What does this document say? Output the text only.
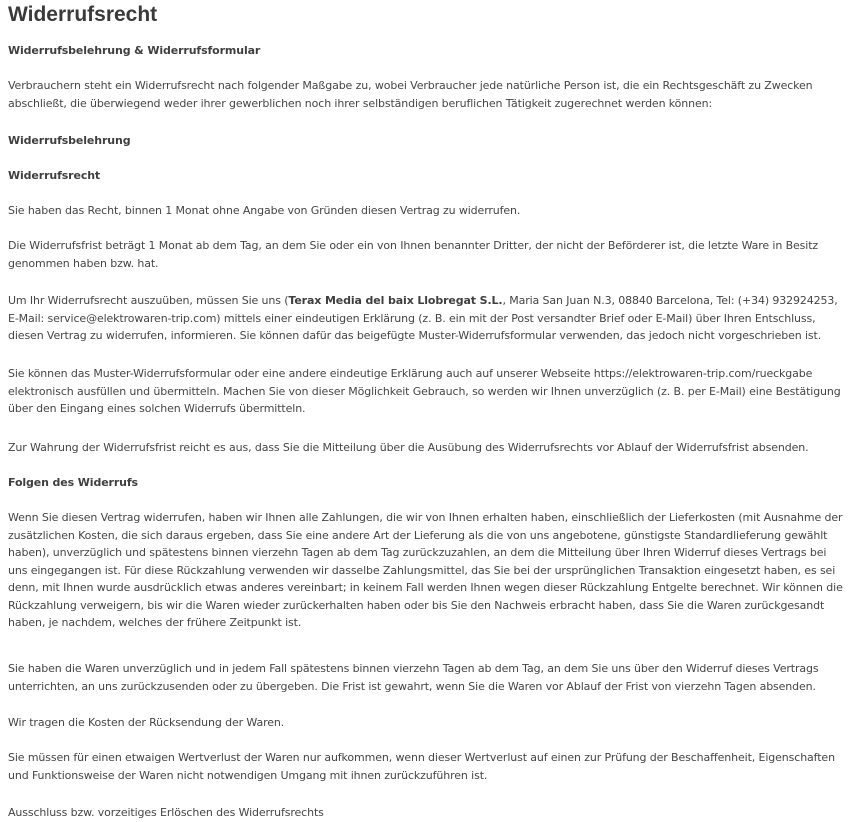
Widerrufsrecht

Widerrufsbelehrung & Widerrufsformular

Verbrauchern steht ein Widerrufsrecht nach folgender Maßgabe zu, wobei Verbraucher jede natürliche Person ist, die ein Rechtsgeschäft zu Zwecken abschließt, die überwiegend weder ihrer gewerblichen noch ihrer selbständigen beruflichen Tätigkeit zugerechnet werden können:

Widerrufsbelehrung

Widerrufsrecht

Sie haben das Recht, binnen 1 Monat ohne Angabe von Gründen diesen Vertrag zu widerrufen.

Die Widerrufsfrist beträgt 1 Monat ab dem Tag, an dem Sie oder ein von Ihnen benannter Dritter, der nicht der Beförderer ist, die letzte Ware in Besitz genommen haben bzw. hat.

Um Ihr Widerrufsrecht auszuüben, müssen Sie uns (Terax Media del baix Llobregat S.L., Maria San Juan N.3, 08840 Barcelona, Tel: (+34) 932924253, E-Mail: service@elektrowaren-trip.com) mittels einer eindeutigen Erklärung (z. B. ein mit der Post versandter Brief oder E-Mail) über Ihren Entschluss, diesen Vertrag zu widerrufen, informieren. Sie können dafür das beigefügte Muster-Widerrufsformular verwenden, das jedoch nicht vorgeschrieben ist.

Sie können das Muster-Widerrufsformular oder eine andere eindeutige Erklärung auch auf unserer Webseite https://elektrowaren-trip.com/rueckgabe elektronisch ausfüllen und übermitteln. Machen Sie von dieser Möglichkeit Gebrauch, so werden wir Ihnen unverzüglich (z. B. per E-Mail) eine Bestätigung über den Eingang eines solchen Widerrufs übermitteln.

Zur Wahrung der Widerrufsfrist reicht es aus, dass Sie die Mitteilung über die Ausübung des Widerrufsrechts vor Ablauf der Widerrufsfrist absenden.

Folgen des Widerrufs

Wenn Sie diesen Vertrag widerrufen, haben wir Ihnen alle Zahlungen, die wir von Ihnen erhalten haben, einschließlich der Lieferkosten (mit Ausnahme der zusätzlichen Kosten, die sich daraus ergeben, dass Sie eine andere Art der Lieferung als die von uns angebotene, günstigste Standardlieferung gewählt haben), unverzüglich und spätestens binnen vierzehn Tagen ab dem Tag zurückzuzahlen, an dem die Mitteilung über Ihren Widerruf dieses Vertrags bei uns eingegangen ist. Für diese Rückzahlung verwenden wir dasselbe Zahlungsmittel, das Sie bei der ursprünglichen Transaktion eingesetzt haben, es sei denn, mit Ihnen wurde ausdrücklich etwas anderes vereinbart; in keinem Fall werden Ihnen wegen dieser Rückzahlung Entgelte berechnet. Wir können die Rückzahlung verweigern, bis wir die Waren wieder zurückerhalten haben oder bis Sie den Nachweis erbracht haben, dass Sie die Waren zurückgesandt haben, je nachdem, welches der frühere Zeitpunkt ist.

Sie haben die Waren unverzüglich und in jedem Fall spätestens binnen vierzehn Tagen ab dem Tag, an dem Sie uns über den Widerruf dieses Vertrags unterrichten, an uns zurückzusenden oder zu übergeben. Die Frist ist gewahrt, wenn Sie die Waren vor Ablauf der Frist von vierzehn Tagen absenden.

Wir tragen die Kosten der Rücksendung der Waren.

Sie müssen für einen etwaigen Wertverlust der Waren nur aufkommen, wenn dieser Wertverlust auf einen zur Prüfung der Beschaffenheit, Eigenschaften und Funktionsweise der Waren nicht notwendigen Umgang mit ihnen zurückzuführen ist.

Ausschluss bzw. vorzeitiges Erlöschen des Widerrufsrechts
